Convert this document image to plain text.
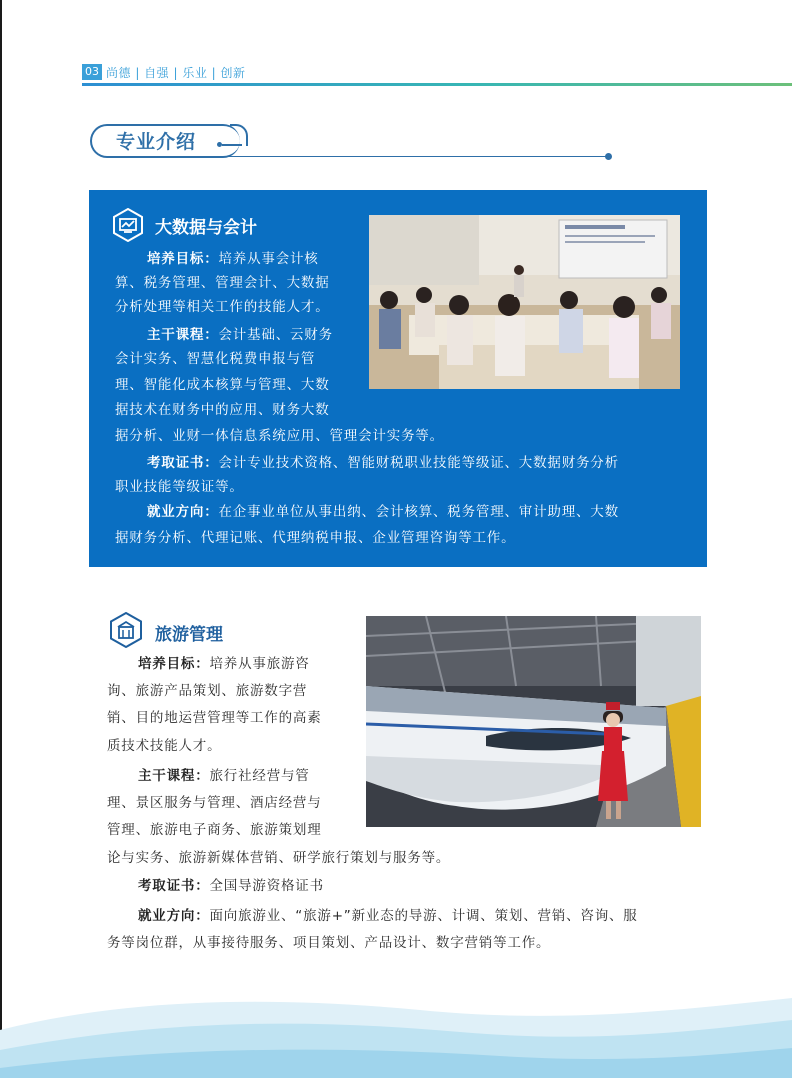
03 尚德 | 自强 | 乐业 | 创新
专业介绍
大数据与会计
培养目标：培养从事会计核
算、税务管理、管理会计、大数据
分析处理等相关工作的技能人才。
主干课程：会计基础、云财务
会计实务、智慧化税费申报与管
理、智能化成本核算与管理、大数
据技术在财务中的应用、财务大数
据分析、业财一体信息系统应用、管理会计实务等。
考取证书：会计专业技术资格、智能财税职业技能等级证、大数据财务分析
职业技能等级证等。
就业方向：在企事业单位从事出纳、会计核算、税务管理、审计助理、大数
据财务分析、代理记账、代理纳税申报、企业管理咨询等工作。
旅游管理
培养目标：培养从事旅游咨
询、旅游产品策划、旅游数字营
销、目的地运营管理等工作的高素
质技术技能人才。
主干课程：旅行社经营与管
理、景区服务与管理、酒店经营与
管理、旅游电子商务、旅游策划理
论与实务、旅游新媒体营销、研学旅行策划与服务等。
考取证书：全国导游资格证书
就业方向：面向旅游业、“旅游+”新业态的导游、计调、策划、营销、咨询、服
务等岗位群，从事接待服务、项目策划、产品设计、数字营销等工作。
